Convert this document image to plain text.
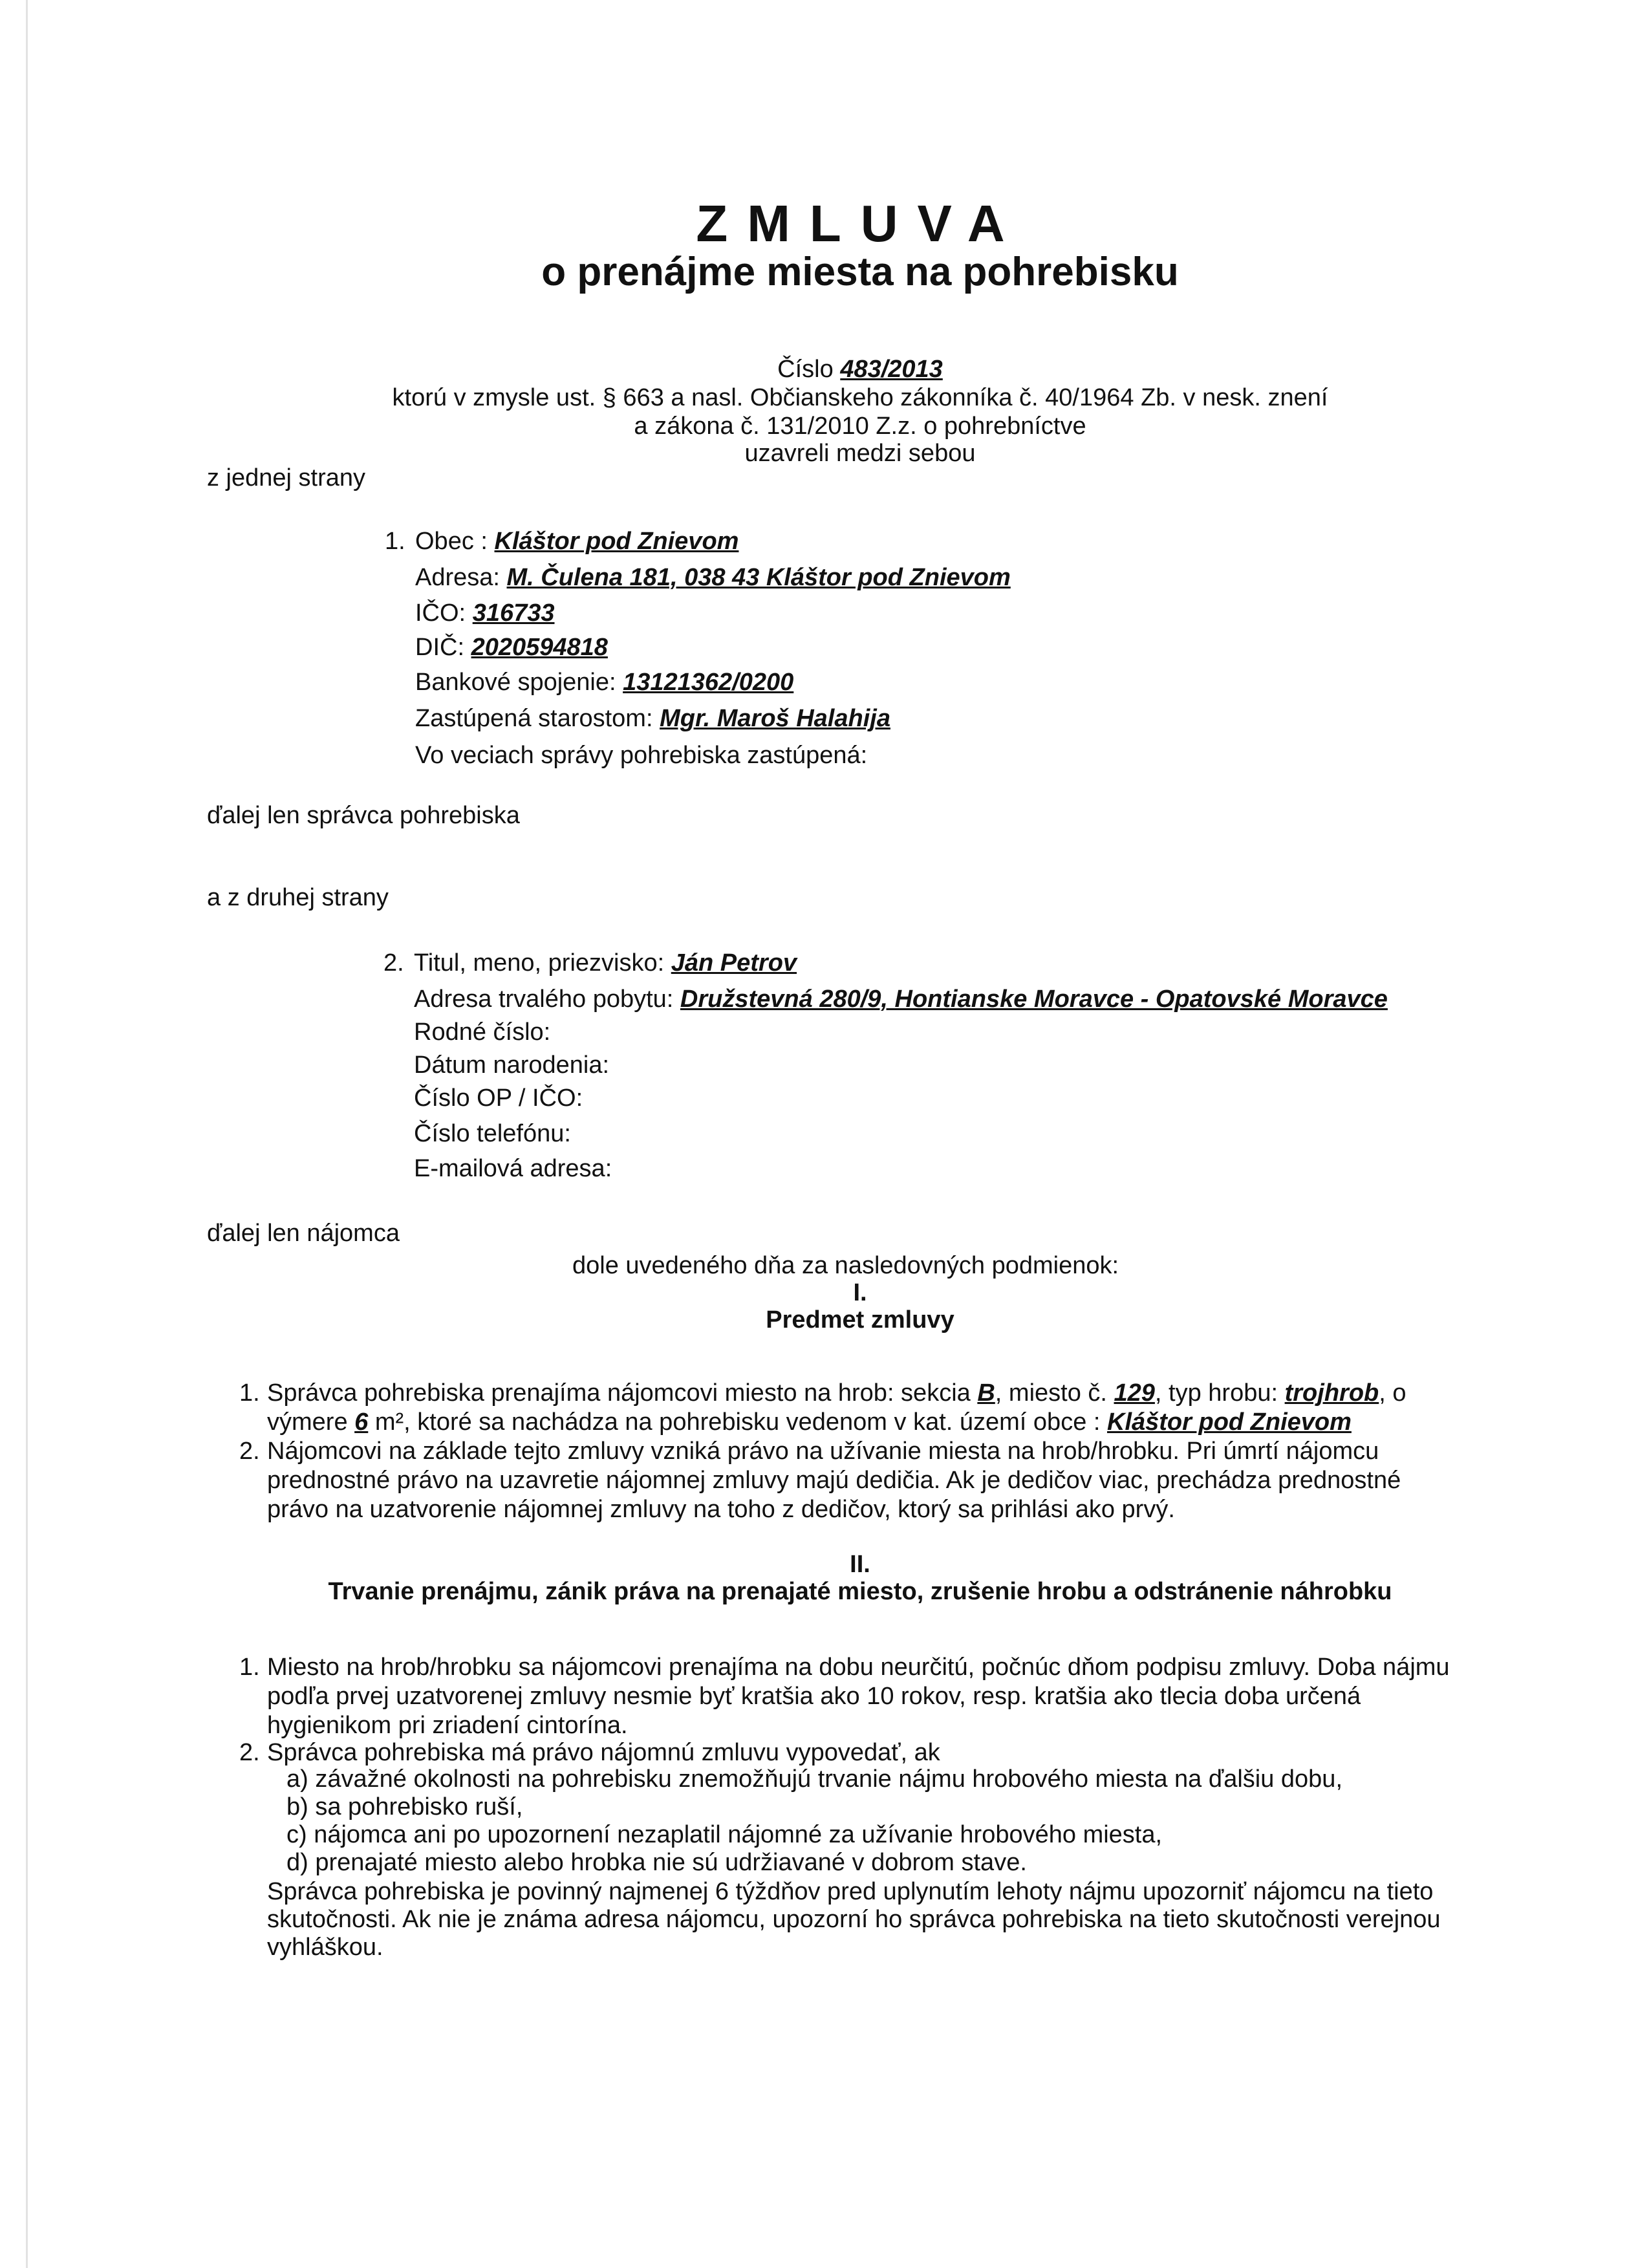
ZMLUVA
o prenájme miesta na pohrebisku
Číslo 483/2013
ktorú v zmysle ust. § 663 a nasl. Občianskeho zákonníka č. 40/1964 Zb. v nesk. znení
a zákona č. 131/2010 Z.z. o pohrebníctve
uzavreli medzi sebou
z jednej strany
1. Obec : Kláštor pod Znievom
Adresa: M. Čulena 181, 038 43 Kláštor pod Znievom
IČO: 316733
DIČ: 2020594818
Bankové spojenie: 13121362/0200
Zastúpená starostom: Mgr. Maroš Halahija
Vo veciach správy pohrebiska zastúpená:
ďalej len správca pohrebiska
a z druhej strany
2. Titul, meno, priezvisko: Ján Petrov
Adresa trvalého pobytu: Družstevná 280/9, Hontianske Moravce - Opatovské Moravce
Rodné číslo:
Dátum narodenia:
Číslo OP / IČO:
Číslo telefónu:
E-mailová adresa:
ďalej len nájomca
dole uvedeného dňa za nasledovných podmienok:
I.
Predmet zmluvy
1. Správca pohrebiska prenajíma nájomcovi miesto na hrob: sekcia B, miesto č. 129, typ hrobu: trojhrob, o
výmere 6 m², ktoré sa nachádza na pohrebisku vedenom v kat. území obce : Kláštor pod Znievom
2. Nájomcovi na základe tejto zmluvy vzniká právo na užívanie miesta na hrob/hrobku. Pri úmrtí nájomcu
prednostné právo na uzavretie nájomnej zmluvy majú dedičia. Ak je dedičov viac, prechádza prednostné
právo na uzatvorenie nájomnej zmluvy na toho z dedičov, ktorý sa prihlási ako prvý.
II.
Trvanie prenájmu, zánik práva na prenajaté miesto, zrušenie hrobu a odstránenie náhrobku
1. Miesto na hrob/hrobku sa nájomcovi prenajíma na dobu neurčitú, počnúc dňom podpisu zmluvy. Doba nájmu
podľa prvej uzatvorenej zmluvy nesmie byť kratšia ako 10 rokov, resp. kratšia ako tlecia doba určená
hygienikom pri zriadení cintorína.
2. Správca pohrebiska má právo nájomnú zmluvu vypovedať, ak
a) závažné okolnosti na pohrebisku znemožňujú trvanie nájmu hrobového miesta na ďalšiu dobu,
b) sa pohrebisko ruší,
c) nájomca ani po upozornení nezaplatil nájomné za užívanie hrobového miesta,
d) prenajaté miesto alebo hrobka nie sú udržiavané v dobrom stave.
Správca pohrebiska je povinný najmenej 6 týždňov pred uplynutím lehoty nájmu upozorniť nájomcu na tieto
skutočnosti. Ak nie je známa adresa nájomcu, upozorní ho správca pohrebiska na tieto skutočnosti verejnou
vyhláškou.
